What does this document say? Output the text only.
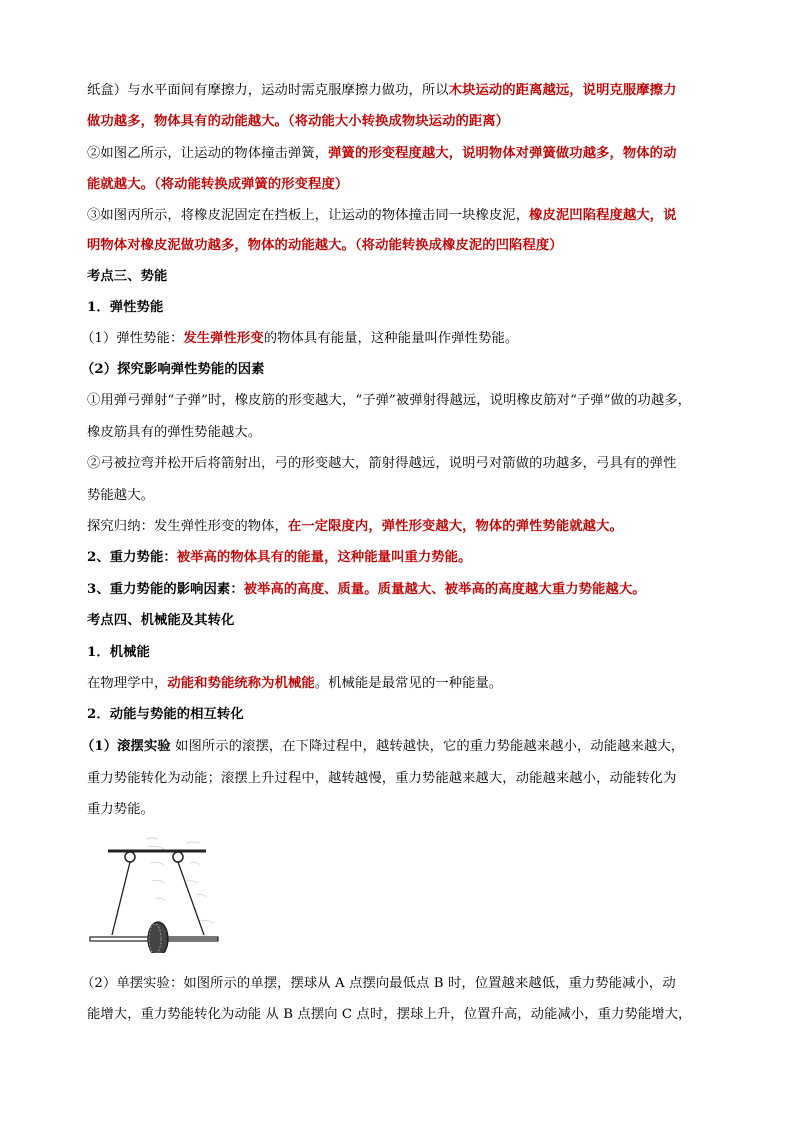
纸盒）与水平面间有摩擦力，运动时需克服摩擦力做功，所以木块运动的距离越远，说明克服摩擦力
做功越多，物体具有的动能越大。（将动能大小转换成物块运动的距离）
②如图乙所示，让运动的物体撞击弹簧，弹簧的形变程度越大，说明物体对弹簧做功越多，物体的动
能就越大。（将动能转换成弹簧的形变程度）
③如图丙所示，将橡皮泥固定在挡板上，让运动的物体撞击同一块橡皮泥，橡皮泥凹陷程度越大，说
明物体对橡皮泥做功越多，物体的动能越大。（将动能转换成橡皮泥的凹陷程度）
考点三、势能
1．弹性势能
（1）弹性势能：发生弹性形变的物体具有能量，这种能量叫作弹性势能。
（2）探究影响弹性势能的因素
①用弹弓弹射“子弹”时，橡皮筋的形变越大，“子弹”被弹射得越远，说明橡皮筋对“子弹”做的功越多，
橡皮筋具有的弹性势能越大。
②弓被拉弯并松开后将箭射出，弓的形变越大，箭射得越远，说明弓对箭做的功越多，弓具有的弹性
势能越大。
探究归纳：发生弹性形变的物体，在一定限度内，弹性形变越大，物体的弹性势能就越大。
2、重力势能：被举高的物体具有的能量，这种能量叫重力势能。
3、重力势能的影响因素：被举高的高度、质量。质量越大、被举高的高度越大重力势能越大。
考点四、机械能及其转化
1．机械能
在物理学中，动能和势能统称为机械能。机械能是最常见的一种能量。
2．动能与势能的相互转化
（1）滚摆实验 如图所示的滚摆，在下降过程中，越转越快，它的重力势能越来越小，动能越来越大，
重力势能转化为动能；滚摆上升过程中，越转越慢，重力势能越来越大，动能越来越小，动能转化为
重力势能。
（2）单摆实验：如图所示的单摆，摆球从 A 点摆向最低点 B 时，位置越来越低，重力势能减小，动
能增大，重力势能转化为动能 从 B 点摆向 C 点时，摆球上升，位置升高，动能减小，重力势能增大，
